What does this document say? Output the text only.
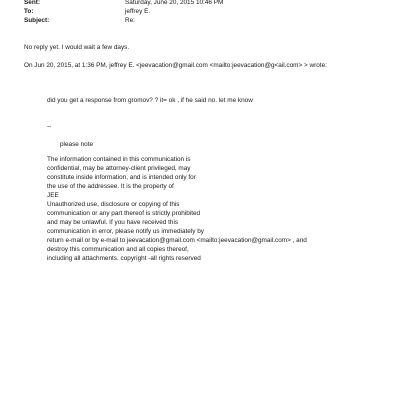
Sent:	Saturday, June 20, 2015 10:46 PM
To:	jeffrey E.
Subject:	Re:
No reply yet. I would wait a few days.
On Jun 20, 2015, at 1:36 PM, jeffrey E. <jeevacation@gmail.com <mailto:jeevacation@g<ail.com> > wrote:
did you get a response from gromov? ? it= ok , if he said no. let me know
--
please note
The information contained in this communication is
confidential, may be attorney-client privileged, may
constitute inside information, and is intended only for
the use of the addressee. It is the property of
JEE
Unauthorized use, disclosure or copying of this
communication or any part thereof is strictly prohibited
and may be unlawful. If you have received this
communication in error, please notify us immediately by
return e-mail or by e-mail to jeevacation@gmail.com <mailto:jeevacation@gmail.com> , and
destroy this communication and all copies thereof,
including all attachments. copyright -all rights reserved
